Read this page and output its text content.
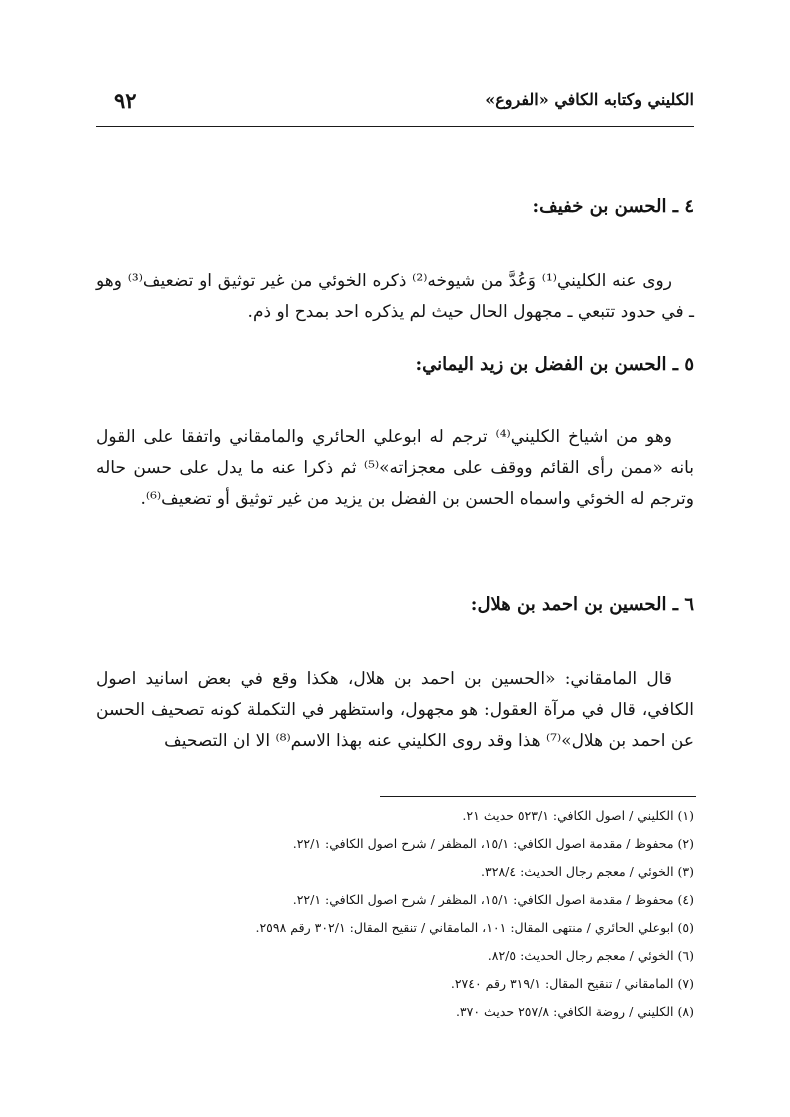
٩٢	الكليني وكتابه الكافي «الفروع»
٤ ـ الحسن بن خفيف:

روى عنه الكليني⁽¹⁾ وَعُدَّ من شيوخه⁽²⁾ ذكره الخوئي من غير توثيق او تضعيف⁽³⁾ وهو ـ في حدود تتبعي ـ مجهول الحال حيث لم يذكره احد بمدح او ذم.

٥ ـ الحسن بن الفضل بن زيد اليماني:

وهو من اشياخ الكليني⁽⁴⁾ ترجم له ابوعلي الحائري والمامقاني واتفقا على القول بانه «ممن رأى القائم ووقف على معجزاته»⁽⁵⁾ ثم ذكرا عنه ما يدل على حسن حاله وترجم له الخوئي واسماه الحسن بن الفضل بن يزيد من غير توثيق أو تضعيف⁽⁶⁾.

٦ ـ الحسين بن احمد بن هلال:

قال المامقاني: «الحسين بن احمد بن هلال، هكذا وقع في بعض اسانيد اصول الكافي، قال في مرآة العقول: هو مجهول، واستظهر في التكملة كونه تصحيف الحسن عن احمد بن هلال»⁽⁷⁾ هذا وقد روى الكليني عنه بهذا الاسم⁽⁸⁾ الا ان التصحيف

(١) الكليني / اصول الكافي: ٥٢٣/١ حديث ٢١.
(٢) محفوظ / مقدمة اصول الكافي: ١٥/١، المظفر / شرح اصول الكافي: ٢٢/١.
(٣) الخوئي / معجم رجال الحديث: ٣٢٨/٤.
(٤) محفوظ / مقدمة اصول الكافي: ١٥/١، المظفر / شرح اصول الكافي: ٢٢/١.
(٥) ابوعلي الحائري / منتهى المقال: ١٠١، المامقاني / تنقيح المقال: ٣٠٢/١ رقم ٢٥٩٨.
(٦) الخوئي / معجم رجال الحديث: ٨٢/٥.
(٧) المامقاني / تنقيح المقال: ٣١٩/١ رقم ٢٧٤٠.
(٨) الكليني / روضة الكافي: ٢٥٧/٨ حديث ٣٧٠.
